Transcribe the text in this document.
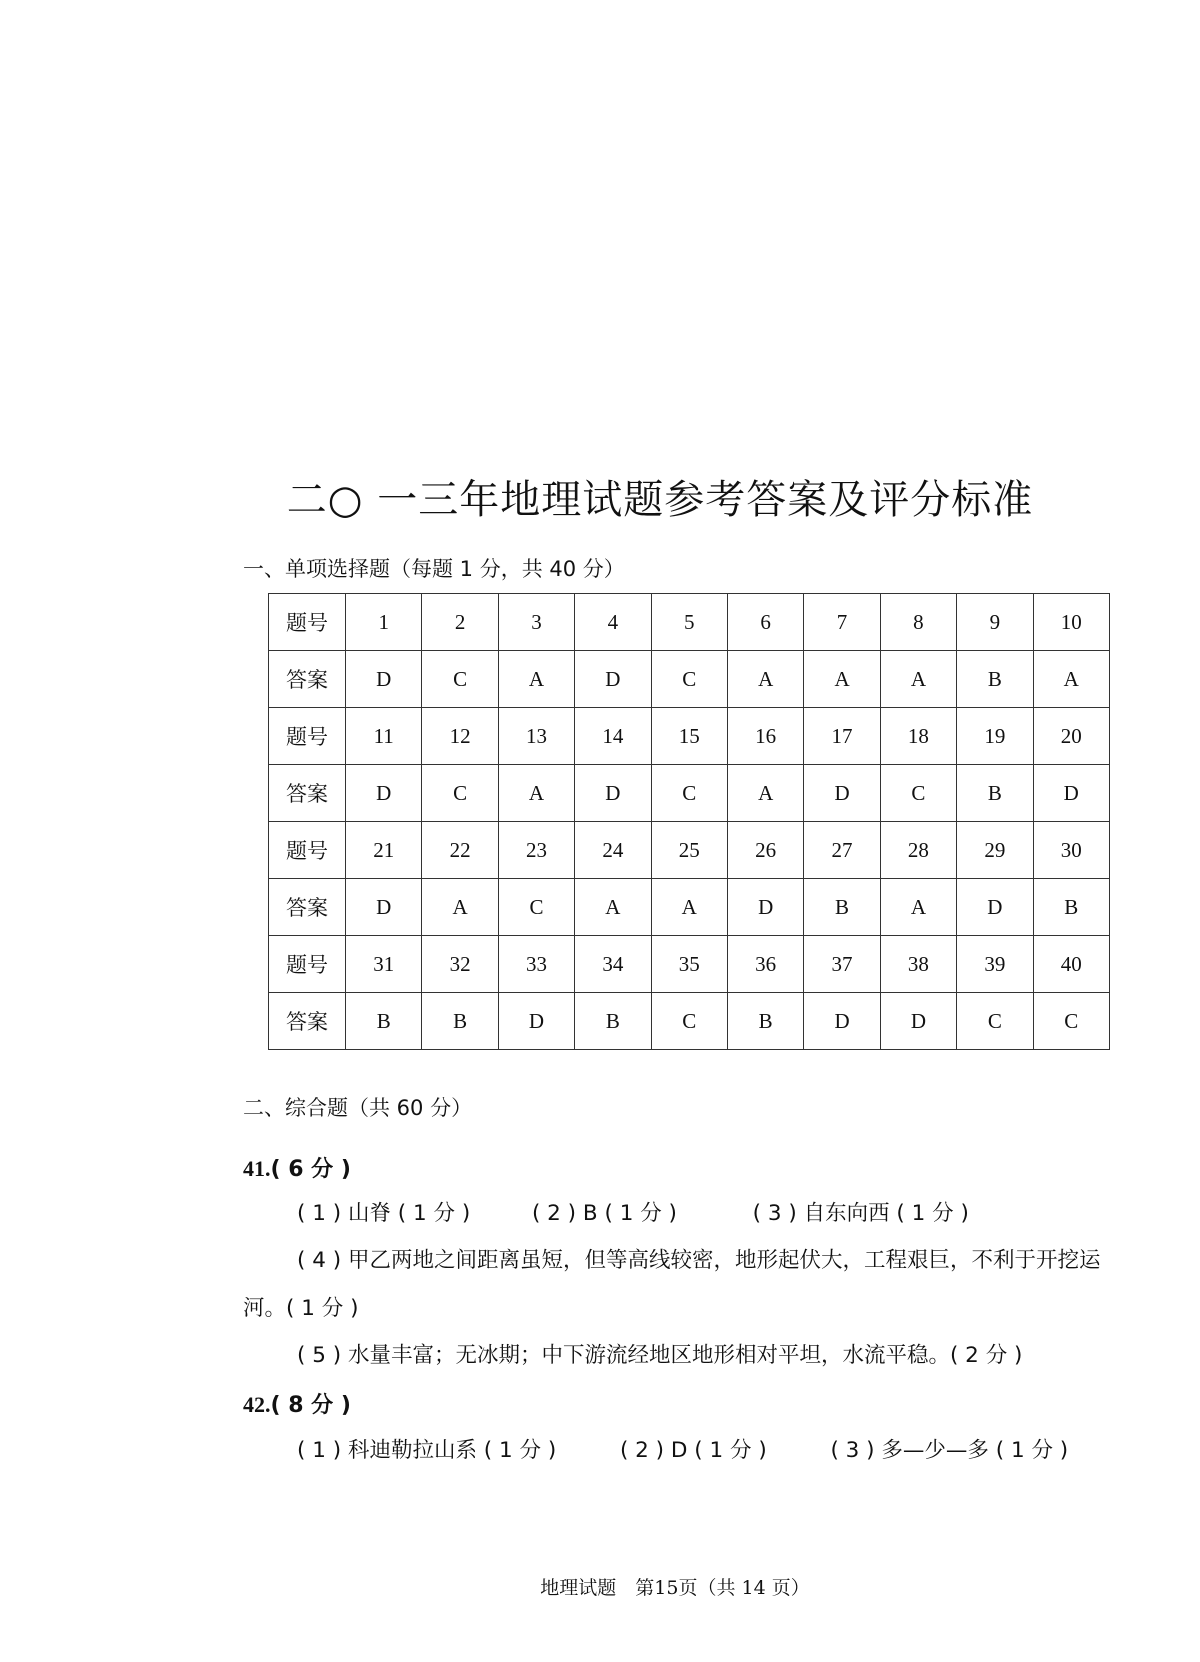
二○ 一三年地理试题参考答案及评分标准
一、单项选择题（每题 1 分，共 40 分）
题号	1	2	3	4	5	6	7	8	9	10
答案	D	C	A	D	C	A	A	A	B	A
题号	11	12	13	14	15	16	17	18	19	20
答案	D	C	A	D	C	A	D	C	B	D
题号	21	22	23	24	25	26	27	28	29	30
答案	D	A	C	A	A	D	B	A	D	B
题号	31	32	33	34	35	36	37	38	39	40
答案	B	B	D	B	C	B	D	D	C	C
二、综合题（共 60 分）
41.( 6 分 )
( 1 ) 山脊 ( 1 分 )	( 2 ) B ( 1 分 )	( 3 ) 自东向西 ( 1 分 )
( 4 ) 甲乙两地之间距离虽短，但等高线较密，地形起伏大，工程艰巨，不利于开挖运
河。( 1 分 )
( 5 ) 水量丰富；无冰期；中下游流经地区地形相对平坦，水流平稳。( 2 分 )
42.( 8 分 )
( 1 ) 科迪勒拉山系 ( 1 分 )	( 2 ) D ( 1 分 )	( 3 ) 多—少—多 ( 1 分 )
地理试题　第15页（共 14 页）
